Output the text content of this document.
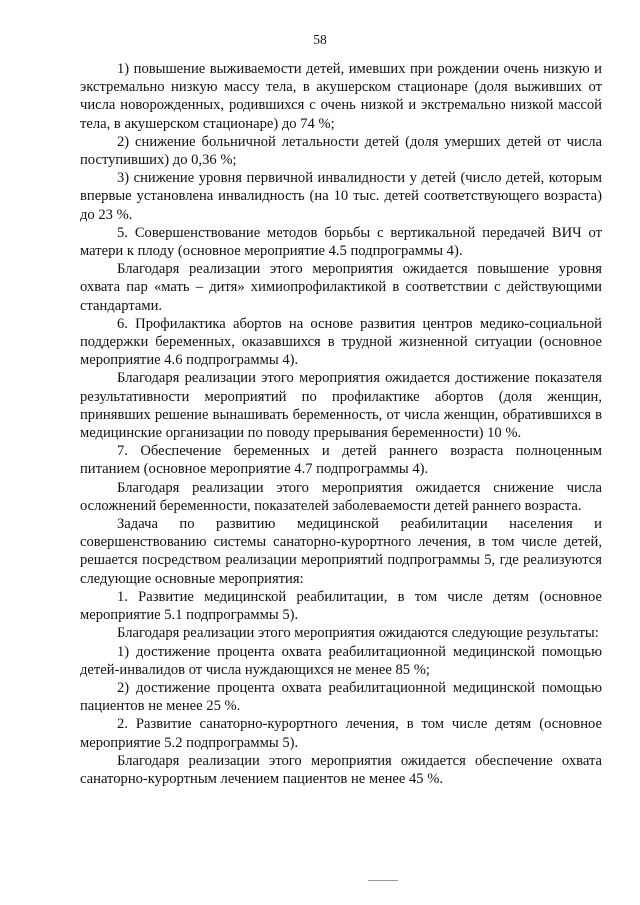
58

1) повышение выживаемости детей, имевших при рождении очень низкую и экстремально низкую массу тела, в акушерском стационаре (доля выживших от числа новорожденных, родившихся с очень низкой и экстремально низкой массой тела, в акушерском стационаре) до 74 %;

2) снижение больничной летальности детей (доля умерших детей от числа поступивших) до 0,36 %;

3) снижение уровня первичной инвалидности у детей (число детей, которым впервые установлена инвалидность (на 10 тыс. детей соответствующего возраста) до 23 %.

5. Совершенствование методов борьбы с вертикальной передачей ВИЧ от матери к плоду (основное мероприятие 4.5 подпрограммы 4).

Благодаря реализации этого мероприятия ожидается повышение уровня охвата пар «мать – дитя» химиопрофилактикой в соответствии с действующими стандартами.

6. Профилактика абортов на основе развития центров медико-социальной поддержки беременных, оказавшихся в трудной жизненной ситуации (основное мероприятие 4.6 подпрограммы 4).

Благодаря реализации этого мероприятия ожидается достижение показателя результативности мероприятий по профилактике абортов (доля женщин, принявших решение вынашивать беременность, от числа женщин, обратившихся в медицинские организации по поводу прерывания беременности) 10 %.

7. Обеспечение беременных и детей раннего возраста полноценным питанием (основное мероприятие 4.7 подпрограммы 4).

Благодаря реализации этого мероприятия ожидается снижение числа осложнений беременности, показателей заболеваемости детей раннего возраста.

Задача по развитию медицинской реабилитации населения и совершенствованию системы санаторно-курортного лечения, в том числе детей, решается посредством реализации мероприятий подпрограммы 5, где реализуются следующие основные мероприятия:

1. Развитие медицинской реабилитации, в том числе детям (основное мероприятие 5.1 подпрограммы 5).

Благодаря реализации этого мероприятия ожидаются следующие результаты:

1) достижение процента охвата реабилитационной медицинской помощью детей-инвалидов от числа нуждающихся не менее 85 %;

2) достижение процента охвата реабилитационной медицинской помощью пациентов не менее 25 %.

2. Развитие санаторно-курортного лечения, в том числе детям (основное мероприятие 5.2 подпрограммы 5).

Благодаря реализации этого мероприятия ожидается обеспечение охвата санаторно-курортным лечением пациентов не менее 45 %.
